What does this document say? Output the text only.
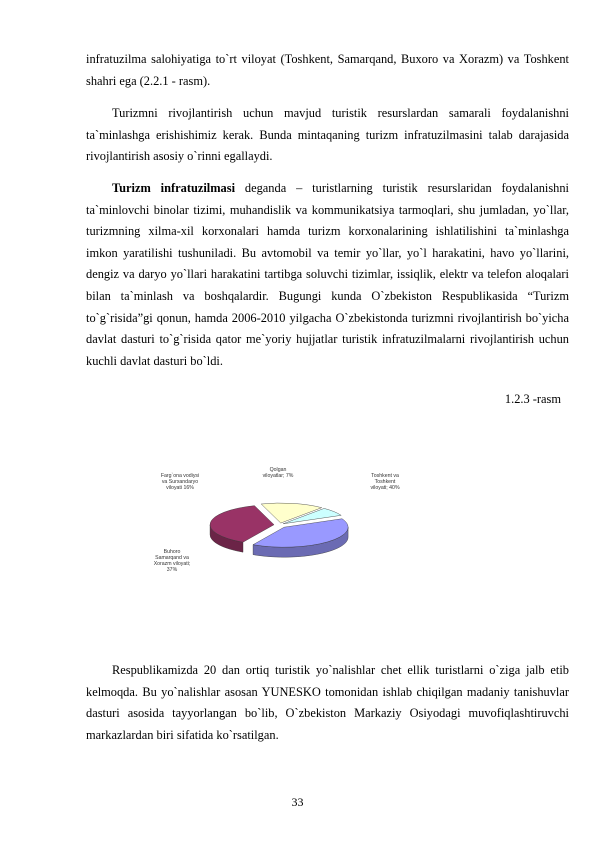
infratuzilma salohiyatiga to`rt viloyat (Toshkent, Samarqand, Buxoro va Xorazm) va Toshkent shahri ega (2.2.1 - rasm).

Turizmni rivojlantirish uchun mavjud turistik resurslardan samarali foydalanishni ta`minlashga erishishimiz kerak. Bunda mintaqaning turizm infratuzilmasini talab darajasida rivojlantirish asosiy o`rinni egallaydi.

Turizm infratuzilmasi deganda – turistlarning turistik resurslaridan foydalanishni ta`minlovchi binolar tizimi, muhandislik va kommunikatsiya tarmoqlari, shu jumladan, yo`llar, turizmning xilma-xil korxonalari hamda turizm korxonalarining ishlatilishini ta`minlashga imkon yaratilishi tushuniladi. Bu avtomobil va temir yo`llar, yo`l harakatini, havo yo`llarini, dengiz va daryo yo`llari harakatini tartibga soluvchi tizimlar, issiqlik, elektr va telefon aloqalari bilan ta`minlash va boshqalardir. Bugungi kunda O`zbekiston Respublikasida “Turizm to`g`risida”gi qonun, hamda 2006-2010 yilgacha O`zbekistonda turizmni rivojlantirish bo`yicha davlat dasturi to`g`risida qator me`yoriy hujjatlar turistik infratuzilmalarni rivojlantirish uchun kuchli davlat dasturi bo`ldi.

1.2.3 -rasm
Toshkent va Toshkent viloyati; 40%
Buhoro Samarqand va Xorazm viloyati; 37%
Farg`ona vodiysi va Surxandaryo viloyati 16%
Qolgan viloyatlar; 7%

Respublikamizda 20 dan ortiq turistik yo`nalishlar chet ellik turistlarni o`ziga jalb etib kelmoqda. Bu yo`nalishlar asosan YUNESKO tomonidan ishlab chiqilgan madaniy tanishuvlar dasturi asosida tayyorlangan bo`lib, O`zbekiston Markaziy Osiyodagi muvofiqlashtiruvchi markazlardan biri sifatida ko`rsatilgan.

33
